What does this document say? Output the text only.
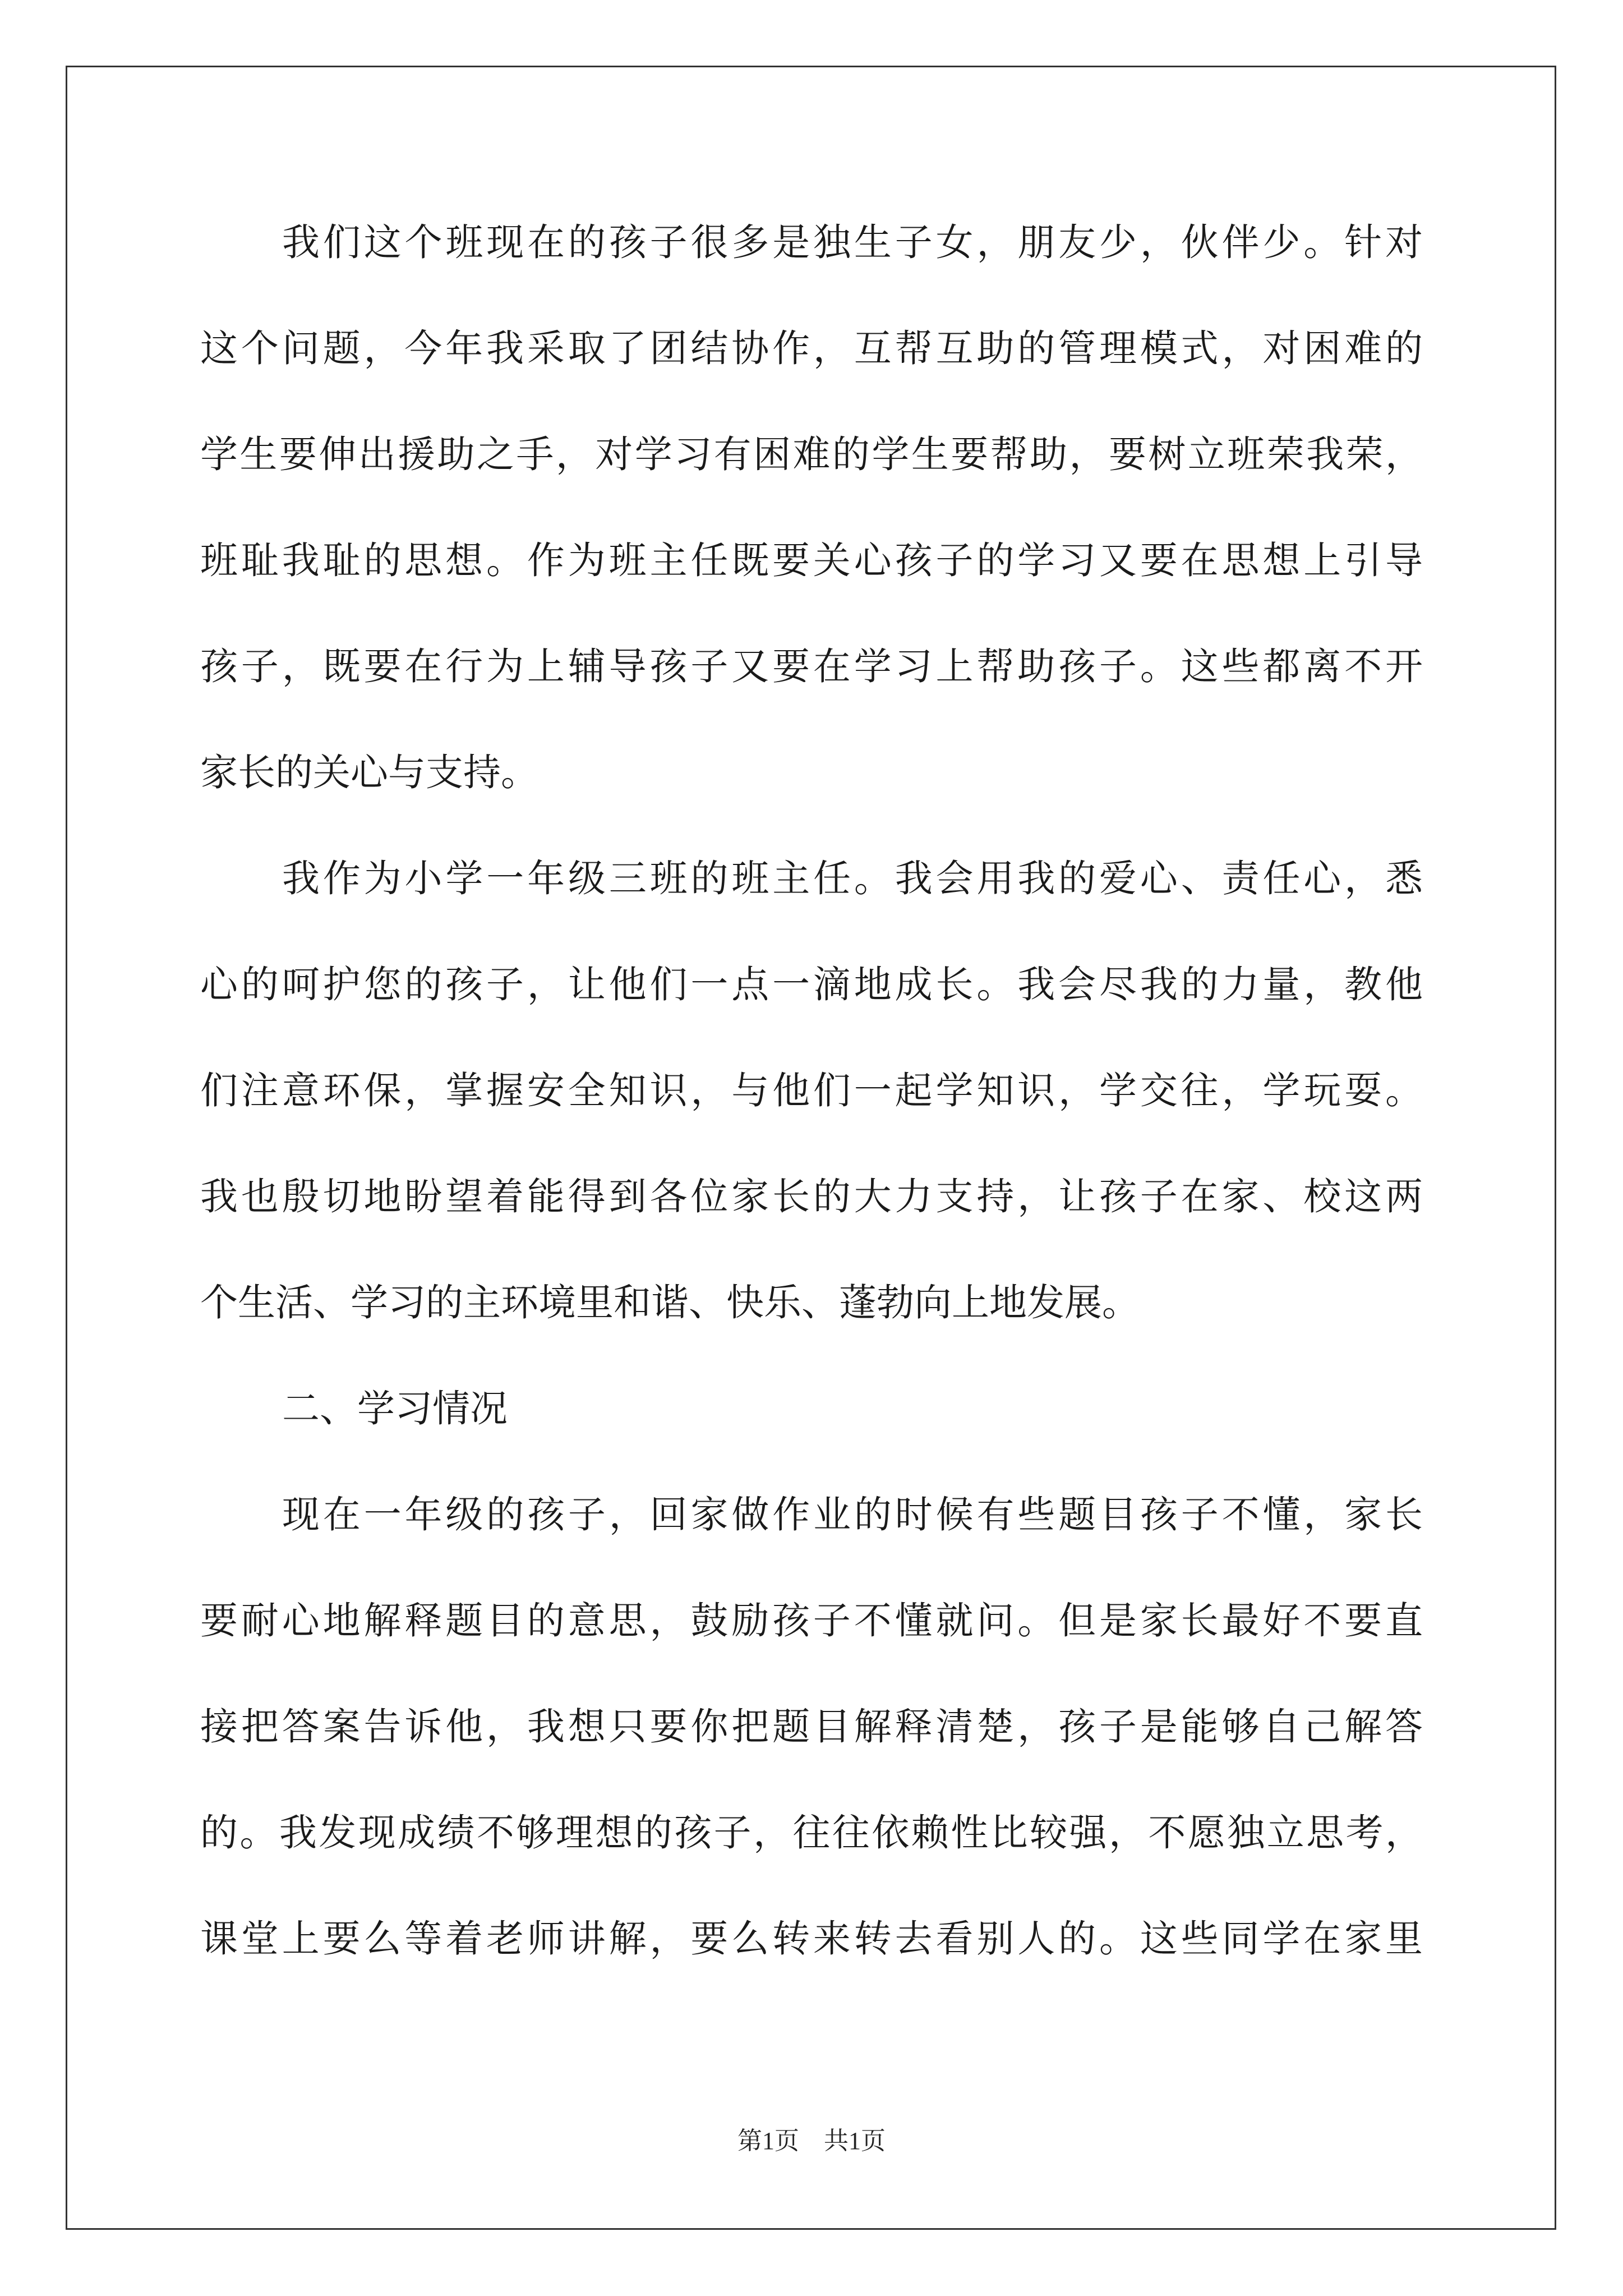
我们这个班现在的孩子很多是独生子女，朋友少，伙伴少。针对
这个问题，今年我采取了团结协作，互帮互助的管理模式，对困难的
学生要伸出援助之手，对学习有困难的学生要帮助，要树立班荣我荣，
班耻我耻的思想。作为班主任既要关心孩子的学习又要在思想上引导
孩子，既要在行为上辅导孩子又要在学习上帮助孩子。这些都离不开
家长的关心与支持。
我作为小学一年级三班的班主任。我会用我的爱心、责任心，悉
心的呵护您的孩子，让他们一点一滴地成长。我会尽我的力量，教他
们注意环保，掌握安全知识，与他们一起学知识，学交往，学玩耍。
我也殷切地盼望着能得到各位家长的大力支持，让孩子在家、校这两
个生活、学习的主环境里和谐、快乐、蓬勃向上地发展。
二、学习情况
现在一年级的孩子，回家做作业的时候有些题目孩子不懂，家长
要耐心地解释题目的意思，鼓励孩子不懂就问。但是家长最好不要直
接把答案告诉他，我想只要你把题目解释清楚，孩子是能够自己解答
的。我发现成绩不够理想的孩子，往往依赖性比较强，不愿独立思考，
课堂上要么等着老师讲解，要么转来转去看别人的。这些同学在家里
第1页　共1页
